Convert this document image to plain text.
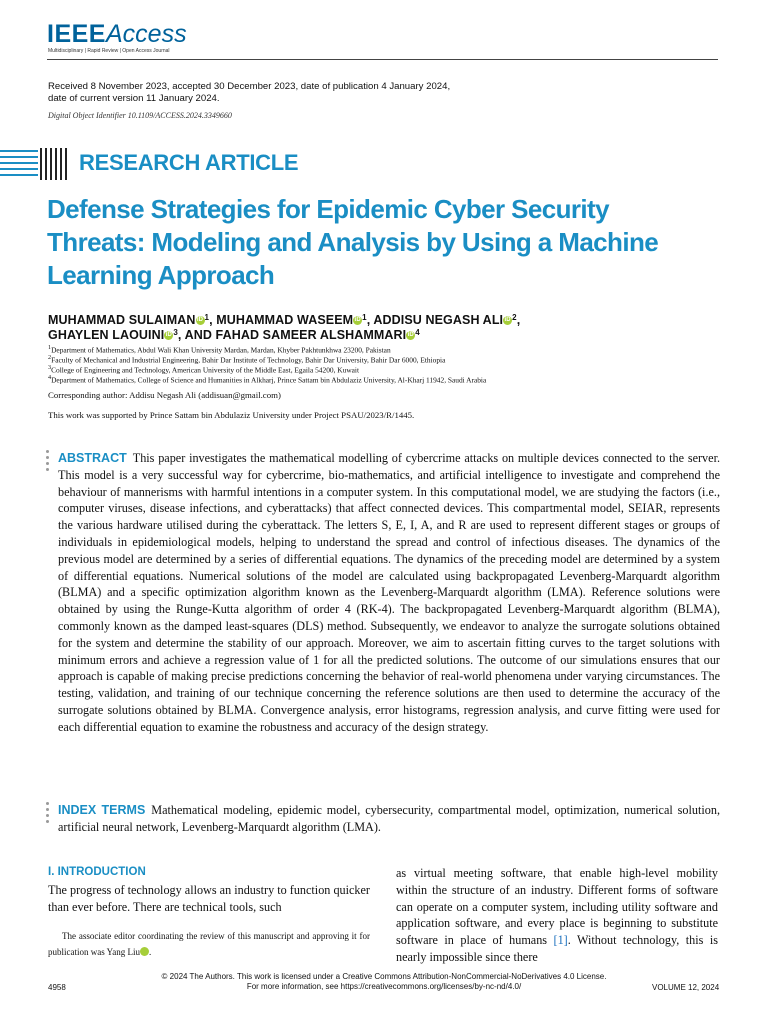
IEEEAccess
Multidisciplinary | Rapid Review | Open Access Journal
Received 8 November 2023, accepted 30 December 2023, date of publication 4 January 2024,
date of current version 11 January 2024.
Digital Object Identifier 10.1109/ACCESS.2024.3349660
RESEARCH ARTICLE
Defense Strategies for Epidemic Cyber Security Threats: Modeling and Analysis by Using a Machine Learning Approach
MUHAMMAD SULAIMANiD$^1$, MUHAMMAD WASEEMiD$^1$, ADDISU NEGASH ALIiD$^2$,
GHAYLEN LAOUINIiD$^3$, AND FAHAD SAMEER ALSHAMMARIiD$^4$
$^1$Department of Mathematics, Abdul Wali Khan University Mardan, Mardan, Khyber Pakhtunkhwa 23200, Pakistan
$^2$Faculty of Mechanical and Industrial Engineering, Bahir Dar Institute of Technology, Bahir Dar University, Bahir Dar 6000, Ethiopia
$^3$College of Engineering and Technology, American University of the Middle East, Egaila 54200, Kuwait
$^4$Department of Mathematics, College of Science and Humanities in Alkharj, Prince Sattam bin Abdulaziz University, Al-Kharj 11942, Saudi Arabia
Corresponding author: Addisu Negash Ali (addisuan@gmail.com)
This work was supported by Prince Sattam bin Abdulaziz University under Project PSAU/2023/R/1445.
ABSTRACT This paper investigates the mathematical modelling of cybercrime attacks on multiple devices connected to the server. This model is a very successful way for cybercrime, bio-mathematics, and artificial intelligence to investigate and comprehend the behaviour of mannerisms with harmful intentions in a computer system. In this computational model, we are studying the factors (i.e., computer viruses, disease infections, and cyberattacks) that affect connected devices. This compartmental model, SEIAR, represents the various hardware utilised during the cyberattack. The letters S, E, I, A, and R are used to represent different stages or groups of individuals in epidemiological models, helping to understand the spread and control of infectious diseases. The dynamics of the previous model are determined by a series of differential equations. The dynamics of the preceding model are determined by a system of differential equations. Numerical solutions of the model are calculated using backpropagated Levenberg-Marquardt algorithm (BLMA) and a specific optimization algorithm known as the Levenberg-Marquardt algorithm (LMA). Reference solutions were obtained by using the Runge-Kutta algorithm of order 4 (RK-4). The backpropagated Levenberg-Marquardt algorithm (BLMA), commonly known as the damped least-squares (DLS) method. Subsequently, we endeavor to analyze the surrogate solutions obtained for the system and determine the stability of our approach. Moreover, we aim to ascertain fitting curves to the target solutions with minimum errors and achieve a regression value of 1 for all the predicted solutions. The outcome of our simulations ensures that our approach is capable of making precise predictions concerning the behavior of real-world phenomena under varying circumstances. The testing, validation, and training of our technique concerning the reference solutions are then used to determine the accuracy of the surrogate solutions obtained by BLMA. Convergence analysis, error histograms, regression analysis, and curve fitting were used for each differential equation to examine the robustness and accuracy of the design strategy.
INDEX TERMS Mathematical modeling, epidemic model, cybersecurity, compartmental model, optimization, numerical solution, artificial neural network, Levenberg-Marquardt algorithm (LMA).
I. INTRODUCTION
The progress of technology allows an industry to function quicker than ever before. There are technical tools, such
The associate editor coordinating the review of this manuscript and approving it for publication was Yang Liu iD.
as virtual meeting software, that enable high-level mobility within the structure of an industry. Different forms of software can operate on a computer system, including utility software and application software, and every place is beginning to substitute software in place of humans [1]. Without technology, this is nearly impossible since there
© 2024 The Authors. This work is licensed under a Creative Commons Attribution-NonCommercial-NoDerivatives 4.0 License.
For more information, see https://creativecommons.org/licenses/by-nc-nd/4.0/
4958	VOLUME 12, 2024
